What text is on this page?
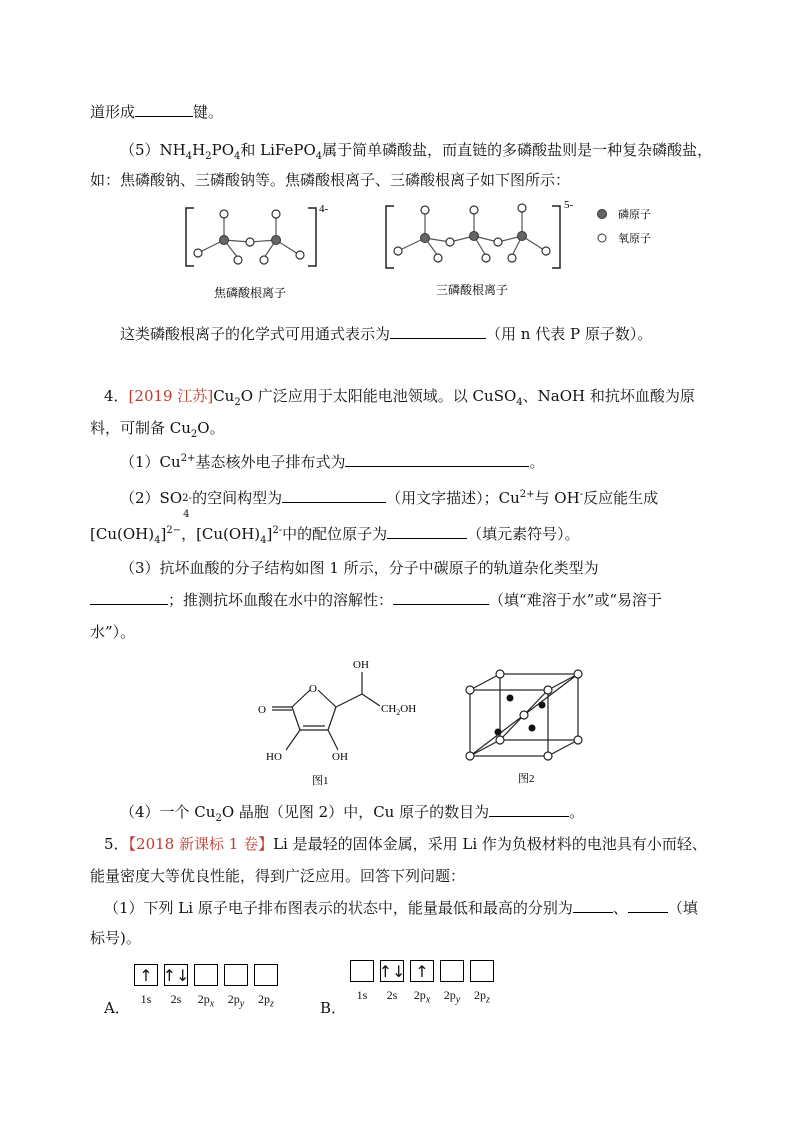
道形成	键。
$(5)NH_4H_2PO_4$和 LiFePO$_4$属于简单磷酸盐，而直链的多磷酸盐则是一种复杂磷酸盐，
如：焦磷酸钠、三磷酸钠等。焦磷酸根离子、三磷酸根离子如下图所示：
4-	5-
磷原子
氧原子
焦磷酸根离子	三磷酸根离子
这类磷酸根离子的化学式可用通式表示为	（用 n 代表 P 原子数）。
4．[2019 江苏]$Cu_2O$ 广泛应用于太阳能电池领域。以 CuSO$_4$、NaOH 和抗坏血酸为原
料，可制备 $Cu_2O$。
$(1)Cu^{2+}$基态核外电子排布式为	。
（2）SO 2-
4
的空间构型为	（用文字描述）；$Cu^{2+}$与 OH-反应能生成
$[Cu(OH)_4]^{2-}$，$[Cu(OH)_4]^{2-}$中的配位原子为	（填元素符号）。
（3）抗坏血酸的分子结构如图 1 所示，分子中碳原子的轨道杂化类型为
；推测抗坏血酸在水中的溶解性：	（填“难溶于水”或“易溶于
水”）。
OH
O
O	$CH_2OH$
HO	OH
图1	图2
（4）一个 $Cu_2O$ 晶胞（见图 2）中，Cu 原子的数目为	。
5．【2018 新课标 1 卷】Li 是最轻的固体金属，采用 Li 作为负极材料的电池具有小而轻、
能量密度大等优良性能，得到广泛应用。回答下列问题：
（1）下列 Li 原子电子排布图表示的状态中，能量最低和最高的分别为	、	（填
标号)。
A．
↑
1s
↑↓
2s	$2p_x$	$2p_y$	$2p_z$	B．
1s
↑↓
2s
↑
$2p_x$	$2p_y$	$2p_z$
